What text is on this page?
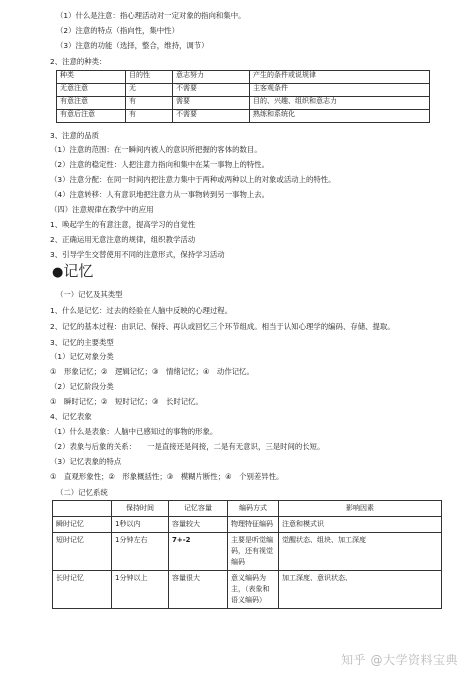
（1）什么是注意：指心理活动对一定对象的指向和集中。
（2）注意的特点（指向性，集中性）
（3）注意的功能（选择，整合，维持，调节）
2、注意的种类：
种类	目的性	意志努力	产生的条件或说规律
无意注意	无	不需要	主客观条件
有意注意	有	需要	目的、兴趣、组织和意志力
有意后注意	有	不需要	熟练和系统化
3、注意的品质
（1）注意的范围：在一瞬间内被人的意识所把握的客体的数目。
（2）注意的稳定性：人把注意力指向和集中在某一事物上的特性。
（3）注意分配：在同一时间内把注意力集中于两种或两种以上的对象或活动上的特性。
（4）注意转移：人有意识地把注意力从一事物转到另一事物上去。
（四）注意规律在教学中的应用
1、唤起学生的有意注意，提高学习的自觉性
2、正确运用无意注意的规律，组织教学活动
3、引导学生交替使用不同的注意形式，保持学习活动
●记忆
（一）记忆及其类型
1、什么是记忆：过去的经验在人脑中反映的心理过程。
2、记忆的基本过程：由识记、保持、再认或回忆三个环节组成。相当于认知心理学的编码、存储、提取。
3、记忆的主要类型
（1）记忆对象分类
①　形象记忆；②　逻辑记忆；③　情绪记忆；④　动作记忆。
（2）记忆阶段分类
①　瞬时记忆；②　短时记忆；③　长时记忆。
4、记忆表象
（1）什么是表象：人脑中已感知过的事物的形象。
（2）表象与后象的关系：　　一是直接还是间接，二是有无意识，三是时间的长短。
（3）记忆表象的特点
①　直观形象性；②　形象概括性；③　模糊片断性；④　个别差异性。
（二）记忆系统
	保持时间	记忆容量	编码方式	影响因素
瞬时记忆	1秒以内	容量较大	物理特征编码	注意和模式识
短时记忆	1分钟左右	7+-2	主要是听觉编码，还有视觉编码	觉醒状态、组块、加工深度
长时记忆	1分钟以上	容量很大	意义编码为主，（表象和语义编码）	加工深度、意识状态、
知乎 @大学资料宝典
